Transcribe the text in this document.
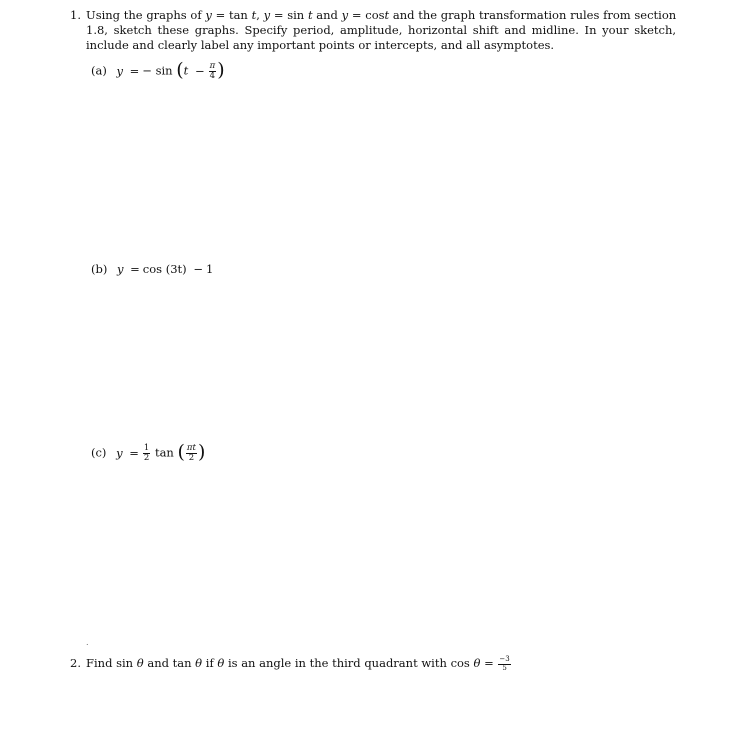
1. Using the graphs of y = tan t, y = sin t and y = cost and the graph transformation rules from section 1.8, sketch these graphs. Specify period, amplitude, horizontal shift and midline. In your sketch, include and clearly label any important points or intercepts, and all asymptotes.
(a) y = − $\sin (t - \frac{\pi}{4}$ )
(b) y = cos (3t) − 1
(c) $y = \frac{1}{2}$ tan ( $\frac{\pi t}{2}$ )
.
2. Find sin θ and tan θ if θ is an angle in the third quadrant with $\cos \theta = \frac{-3}{5}$
